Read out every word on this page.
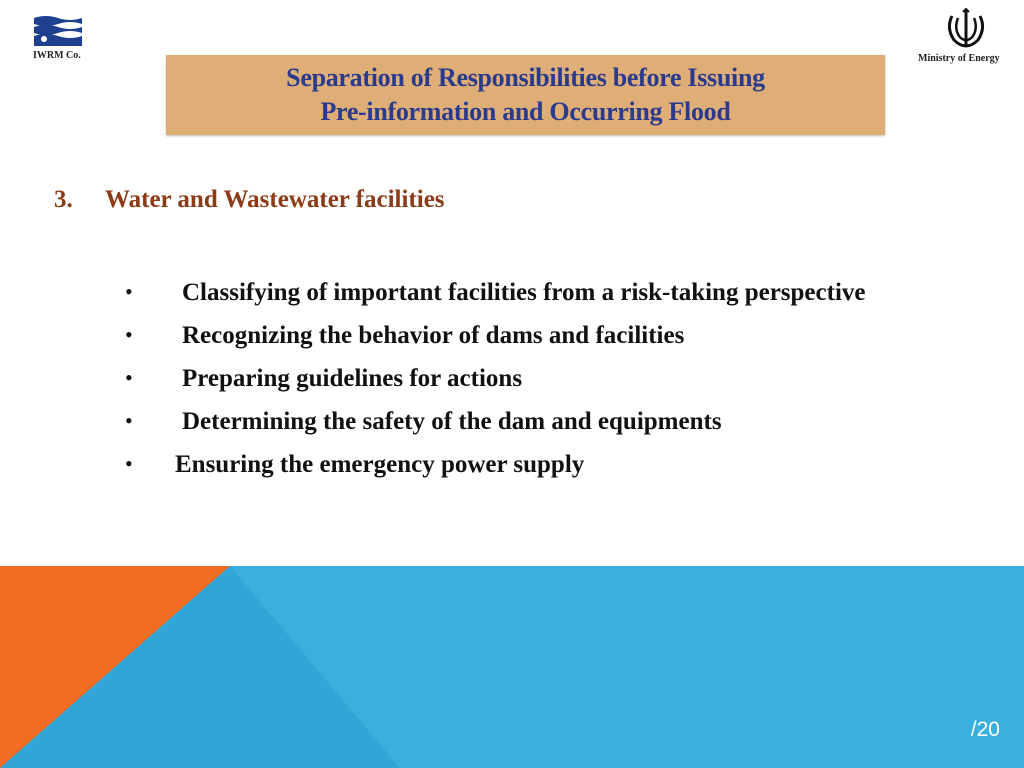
IWRM Co.	Ministry of Energy
Separation of Responsibilities before Issuing
Pre-information and Occurring Flood
3. Water and Wastewater facilities
• Classifying of important facilities from a risk-taking perspective
• Recognizing the behavior of dams and facilities
• Preparing guidelines for actions
• Determining the safety of the dam and equipments
• Ensuring the emergency power supply
/20
